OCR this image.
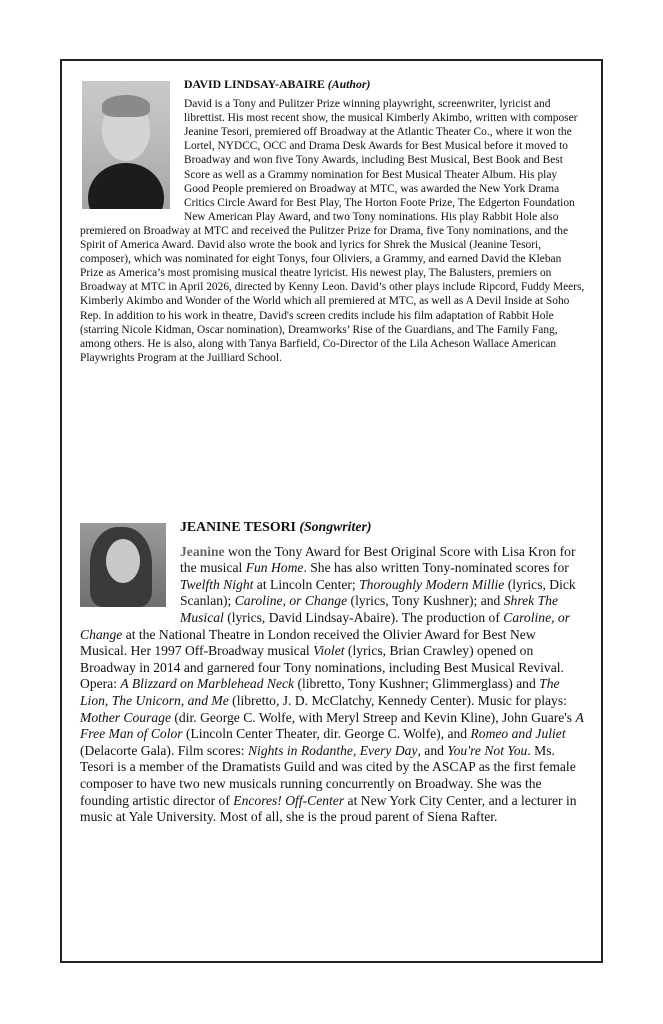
DAVID LINDSAY-ABAIRE (Author)
David is a Tony and Pulitzer Prize winning playwright, screenwriter, lyricist and librettist. His most recent show, the musical Kimberly Akimbo, written with composer Jeanine Tesori, premiered off Broadway at the Atlantic Theater Co., where it won the Lortel, NYDCC, OCC and Drama Desk Awards for Best Musical before it moved to Broadway and won five Tony Awards, including Best Musical, Best Book and Best Score as well as a Grammy nomination for Best Musical Theater Album. His play Good People premiered on Broadway at MTC, was awarded the New York Drama Critics Circle Award for Best Play, The Horton Foote Prize, The Edgerton Foundation New American Play Award, and two Tony nominations. His play Rabbit Hole also premiered on Broadway at MTC and received the Pulitzer Prize for Drama, five Tony nominations, and the Spirit of America Award. David also wrote the book and lyrics for Shrek the Musical (Jeanine Tesori, composer), which was nominated for eight Tonys, four Oliviers, a Grammy, and earned David the Kleban Prize as America’s most promising musical theatre lyricist. His newest play, The Balusters, premiers on Broadway at MTC in April 2026, directed by Kenny Leon. David’s other plays include Ripcord, Fuddy Meers, Kimberly Akimbo and Wonder of the World which all premiered at MTC, as well as A Devil Inside at Soho Rep. In addition to his work in theatre, David's screen credits include his film adaptation of Rabbit Hole (starring Nicole Kidman, Oscar nomination), Dreamworks’ Rise of the Guardians, and The Family Fang, among others. He is also, along with Tanya Barfield, Co-Director of the Lila Acheson Wallace American Playwrights Program at the Juilliard School.
JEANINE TESORI (Songwriter)
Jeanine won the Tony Award for Best Original Score with Lisa Kron for the musical Fun Home. She has also written Tony-nominated scores for Twelfth Night at Lincoln Center; Thoroughly Modern Millie (lyrics, Dick Scanlan); Caroline, or Change (lyrics, Tony Kushner); and Shrek The Musical (lyrics, David Lindsay-Abaire). The production of Caroline, or Change at the National Theatre in London received the Olivier Award for Best New Musical. Her 1997 Off-Broadway musical Violet (lyrics, Brian Crawley) opened on Broadway in 2014 and garnered four Tony nominations, including Best Musical Revival. Opera: A Blizzard on Marblehead Neck (libretto, Tony Kushner; Glimmerglass) and The Lion, The Unicorn, and Me (libretto, J. D. McClatchy, Kennedy Center). Music for plays: Mother Courage (dir. George C. Wolfe, with Meryl Streep and Kevin Kline), John Guare's A Free Man of Color (Lincoln Center Theater, dir. George C. Wolfe), and Romeo and Juliet (Delacorte Gala). Film scores: Nights in Rodanthe, Every Day, and You're Not You. Ms. Tesori is a member of the Dramatists Guild and was cited by the ASCAP as the first female composer to have two new musicals running concurrently on Broadway. She was the founding artistic director of Encores! Off-Center at New York City Center, and a lecturer in music at Yale University. Most of all, she is the proud parent of Siena Rafter.
